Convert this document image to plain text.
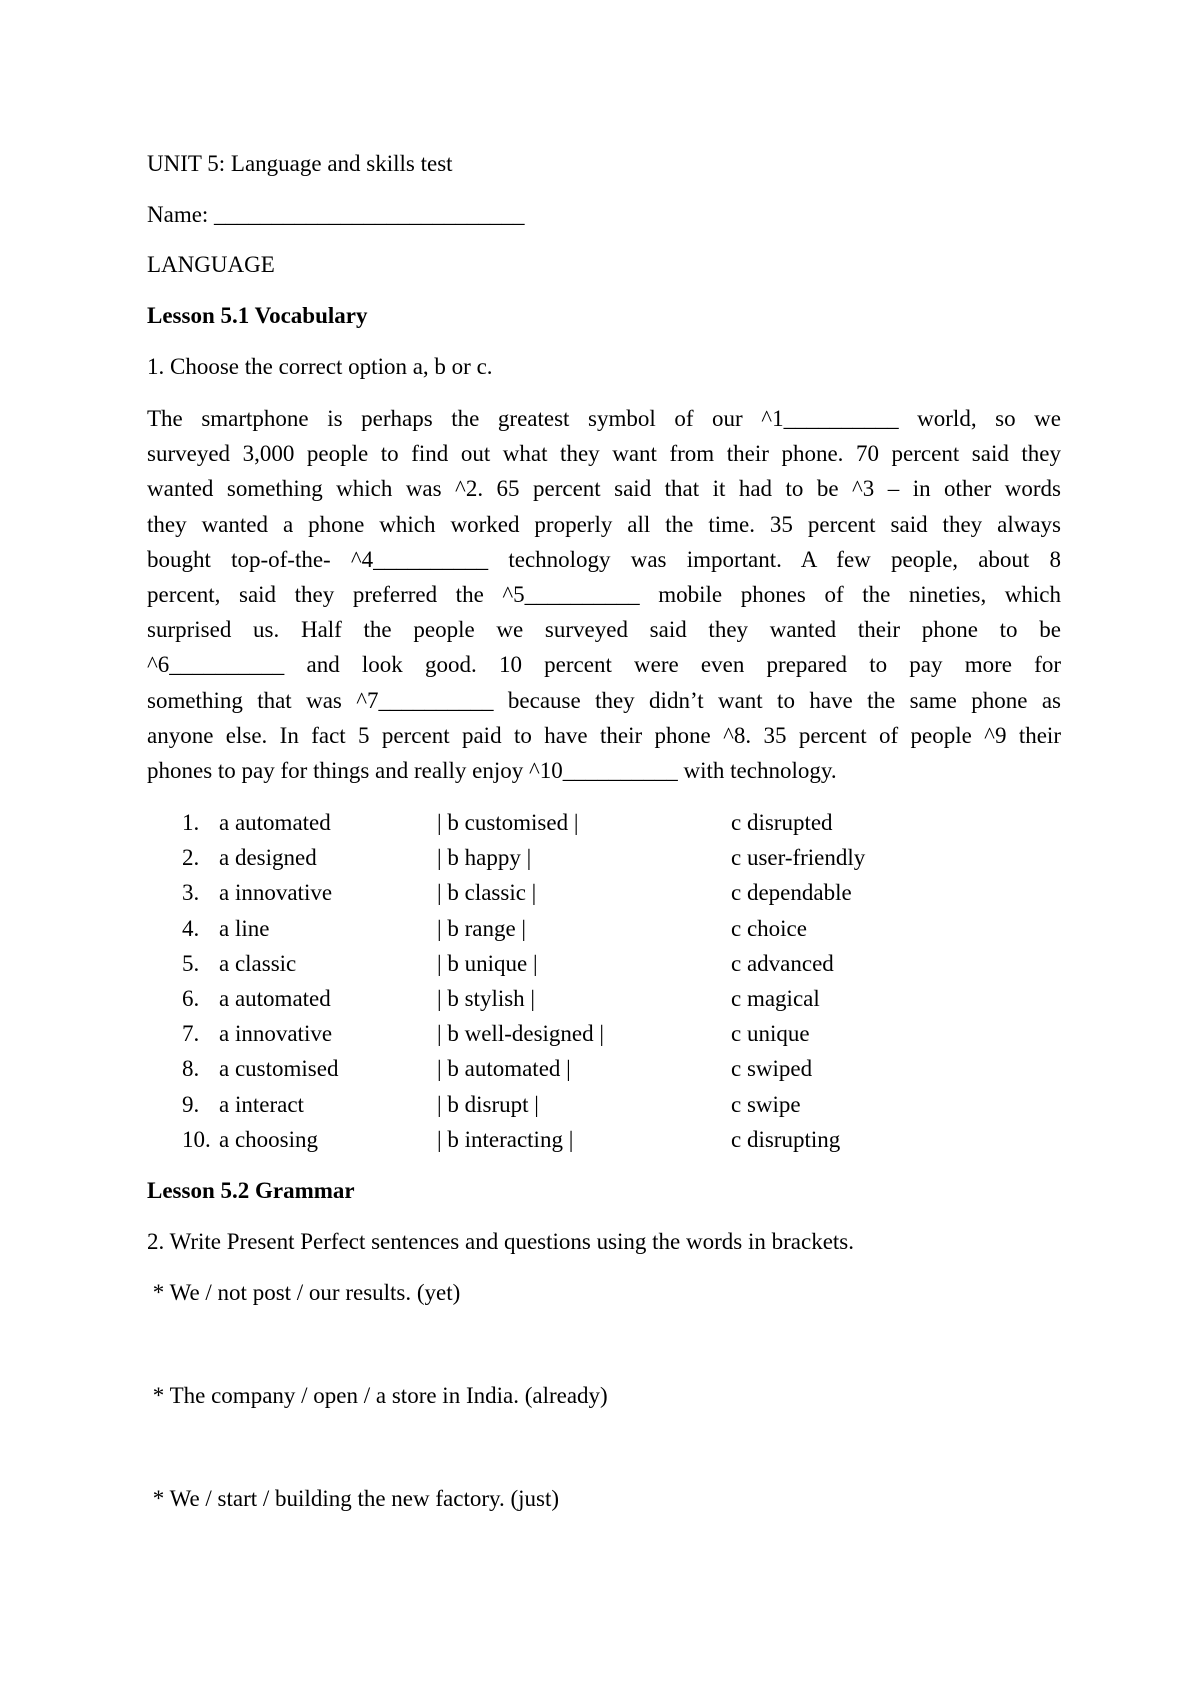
UNIT 5: Language and skills test
Name: ___________________________
LANGUAGE
Lesson 5.1 Vocabulary
1. Choose the correct option a, b or c.
The smartphone is perhaps the greatest symbol of our ^1__________ world, so we
surveyed 3,000 people to find out what they want from their phone. 70 percent said they
wanted something which was ^2. 65 percent said that it had to be ^3 – in other words
they wanted a phone which worked properly all the time. 35 percent said they always
bought top-of-the- ^4__________ technology was important. A few people, about 8
percent, said they preferred the ^5__________ mobile phones of the nineties, which
surprised us. Half the people we surveyed said they wanted their phone to be
^6__________ and look good. 10 percent were even prepared to pay more for
something that was ^7__________ because they didn’t want to have the same phone as
anyone else. In fact 5 percent paid to have their phone ^8. 35 percent of people ^9 their
phones to pay for things and really enjoy ^10__________ with technology.
1. a automated	| b customised |	c disrupted
2. a designed	| b happy |	c user-friendly
3. a innovative	| b classic |	c dependable
4. a line	| b range |	c choice
5. a classic	| b unique |	c advanced
6. a automated	| b stylish |	c magical
7. a innovative	| b well-designed |	c unique
8. a customised	| b automated |	c swiped
9. a interact	| b disrupt |	c swipe
10. a choosing	| b interacting |	c disrupting
Lesson 5.2 Grammar
2. Write Present Perfect sentences and questions using the words in brackets.
* We / not post / our results. (yet)
* The company / open / a store in India. (already)
* We / start / building the new factory. (just)
